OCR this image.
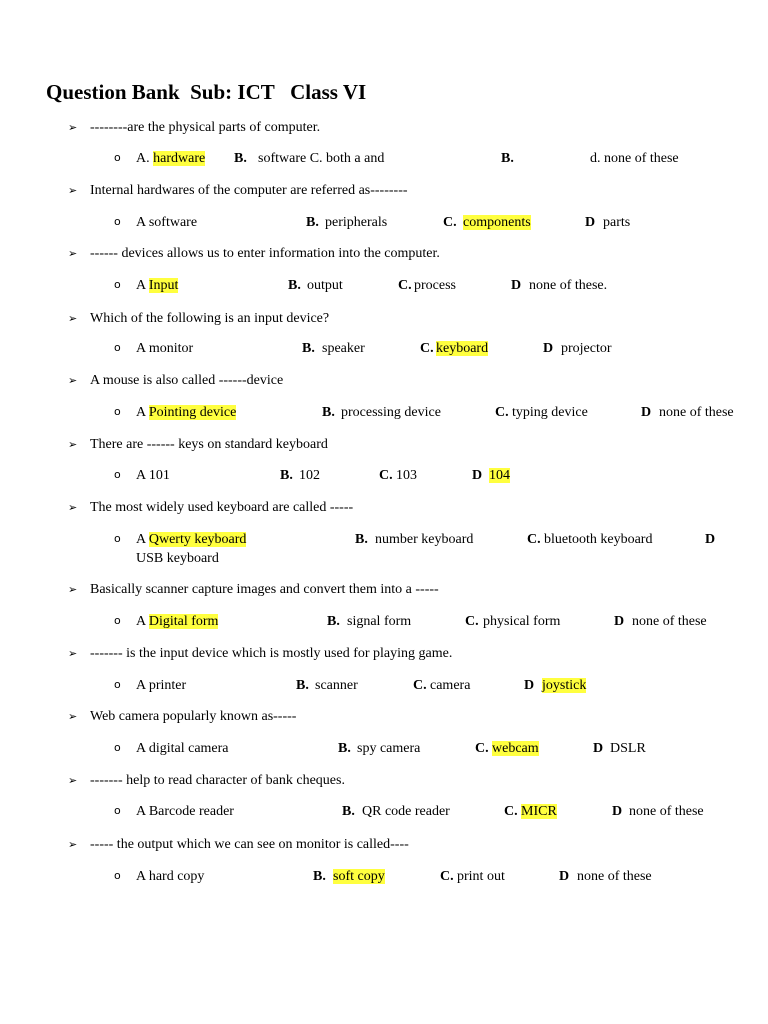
Question Bank  Sub: ICT   Class VI
➢ --------are the physical parts of computer.
o A. hardware B. software C. both a and	B.	d. none of these
➢ Internal hardwares of the computer are referred as--------
o A software	B. peripherals	C. components	D parts
➢ ------ devices allows us to enter information into the computer.
o A Input	B. output	C. process	D none of these.
➢ Which of the following is an input device?
o A monitor	B. speaker	C. keyboard	D projector
➢ A mouse is also called ------device
o A Pointing device	B. processing device	C. typing device	D none of these
➢ There are ------ keys on standard keyboard
o A 101	B. 102	C. 103	D 104
➢ The most widely used keyboard are called -----
o A Qwerty keyboard	B. number keyboard	C. bluetooth keyboard	D
USB keyboard
➢ Basically scanner capture images and convert them into a -----
o A Digital form	B. signal form	C. physical form	D none of these
➢ ------- is the input device which is mostly used for playing game.
o A printer	B. scanner	C. camera	D joystick
➢ Web camera popularly known as-----
o A digital camera	B. spy camera	C. webcam	D DSLR
➢ ------- help to read character of bank cheques.
o A Barcode reader	B. QR code reader	C. MICR	D none of these
➢ ----- the output which we can see on monitor is called----
o A hard copy	B. soft copy	C. print out	D none of these
